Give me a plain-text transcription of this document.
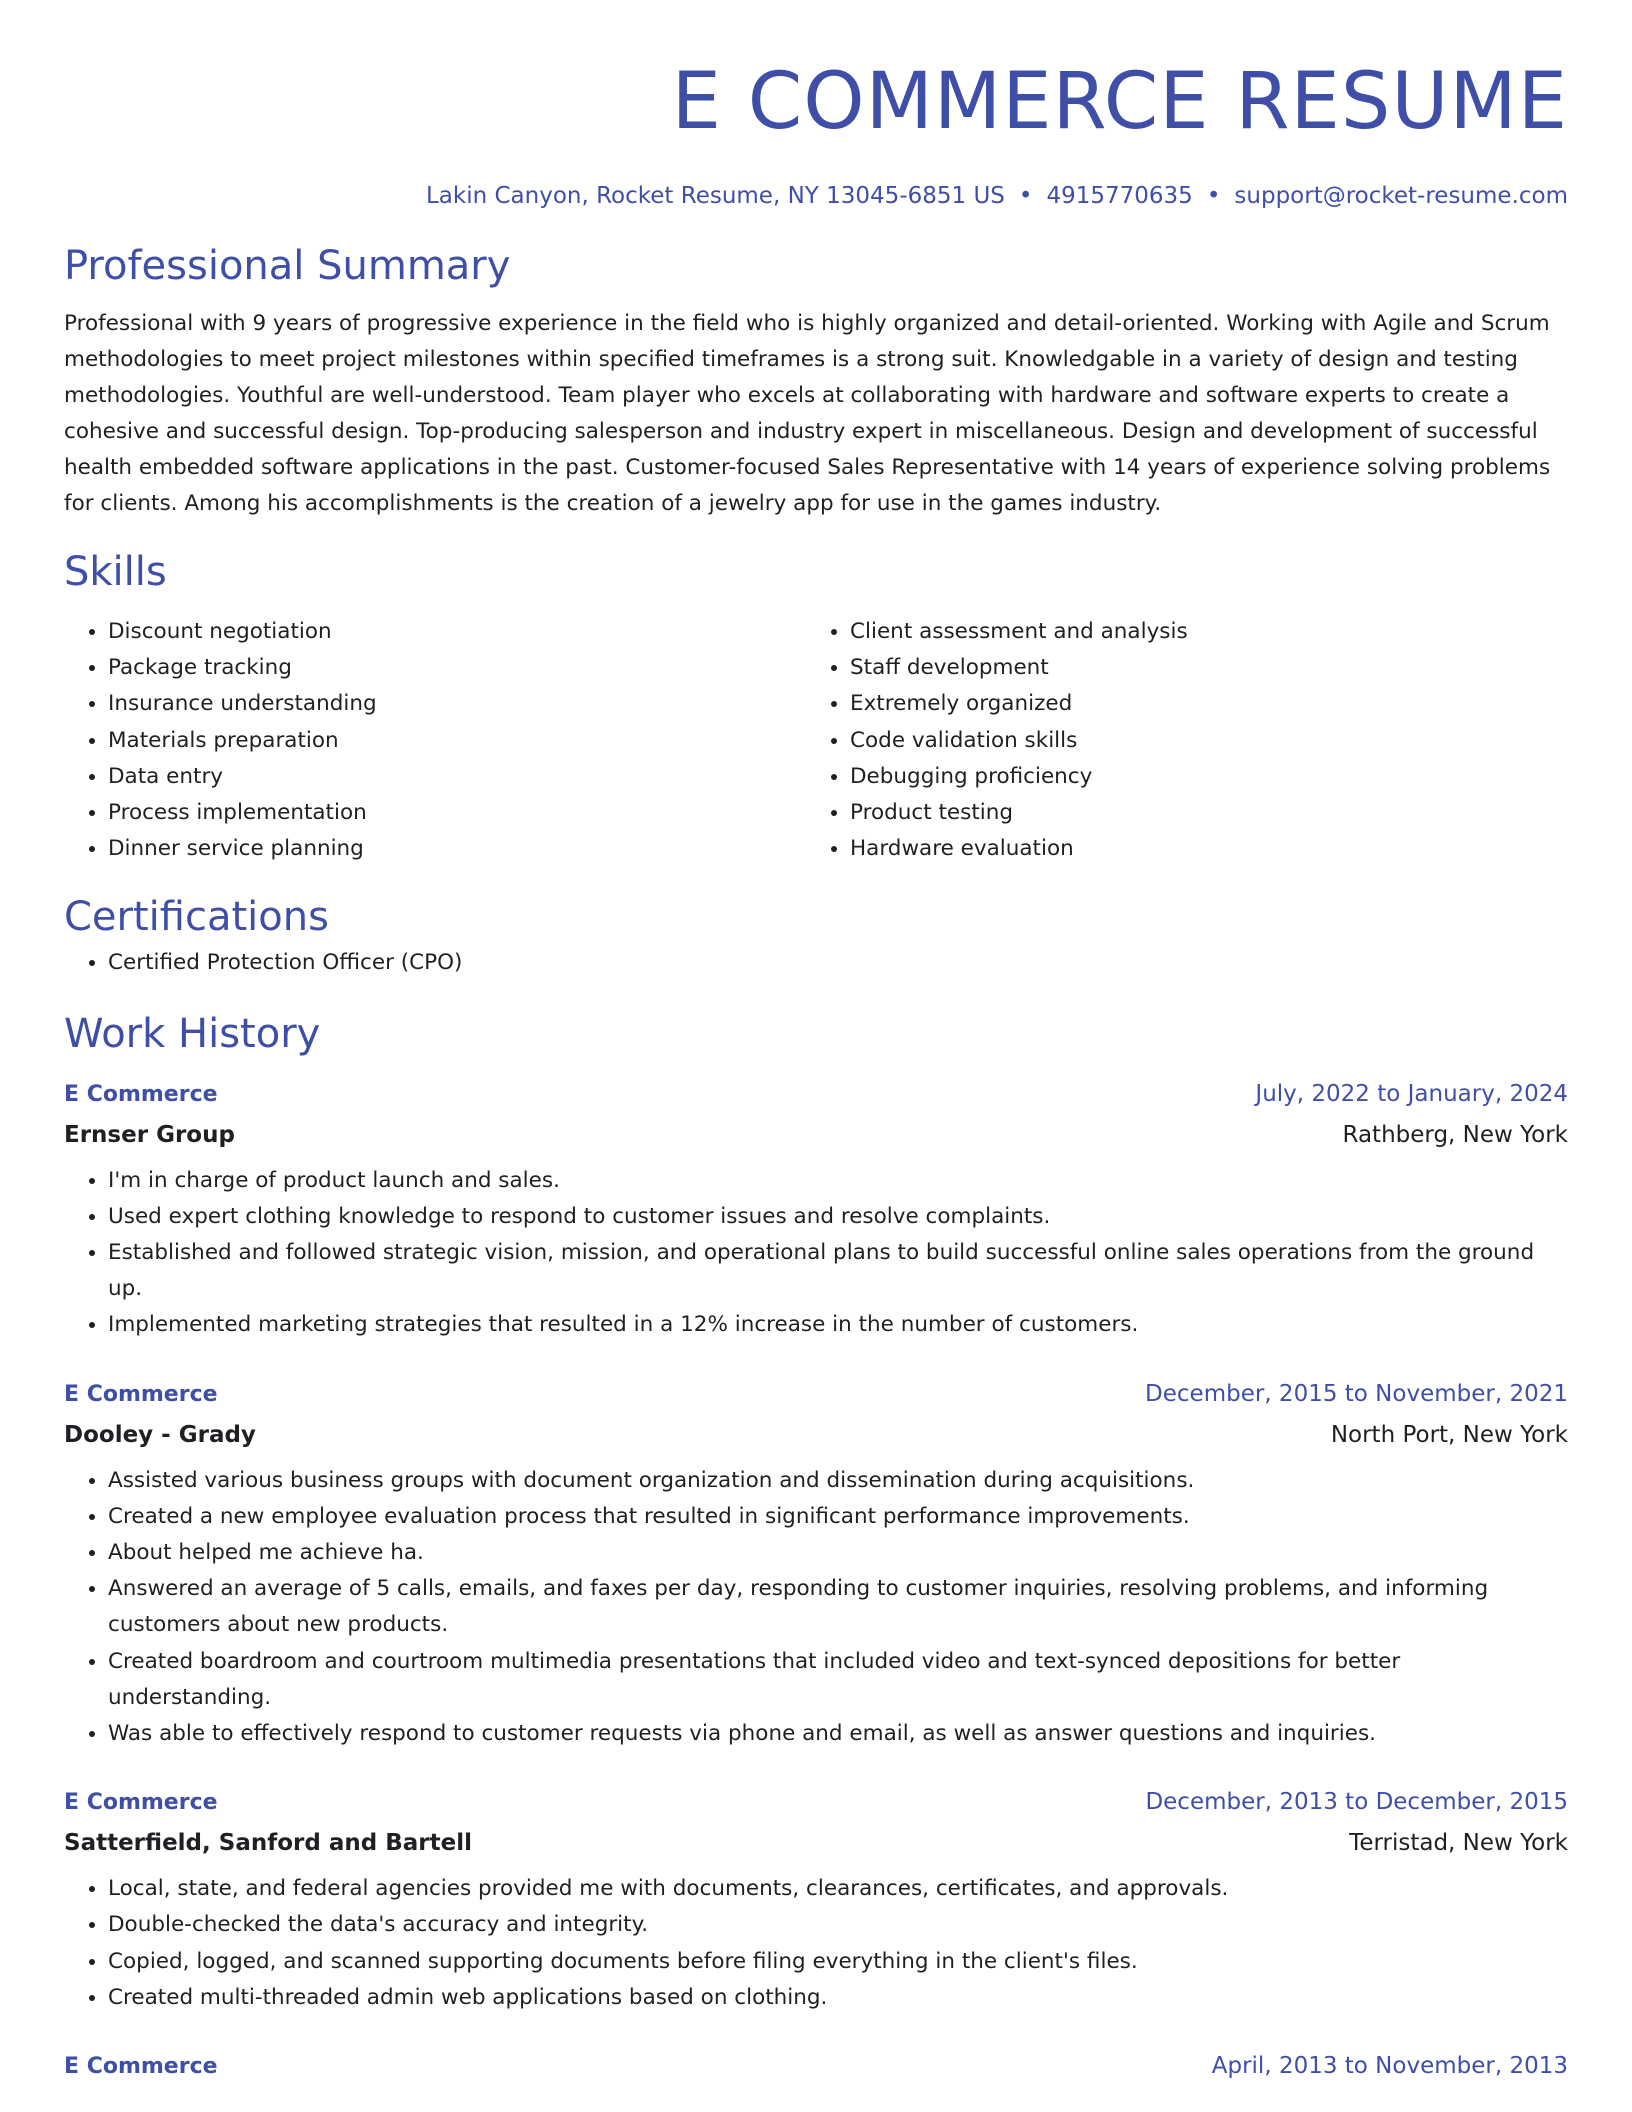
E COMMERCE RESUME
Lakin Canyon, Rocket Resume, NY 13045-6851 US • 4915770635 • support@rocket-resume.com
Professional Summary
Professional with 9 years of progressive experience in the field who is highly organized and detail-oriented. Working with Agile and Scrum methodologies to meet project milestones within specified timeframes is a strong suit. Knowledgable in a variety of design and testing methodologies. Youthful are well-understood. Team player who excels at collaborating with hardware and software experts to create a cohesive and successful design. Top-producing salesperson and industry expert in miscellaneous. Design and development of successful health embedded software applications in the past. Customer-focused Sales Representative with 14 years of experience solving problems for clients. Among his accomplishments is the creation of a jewelry app for use in the games industry.
Skills
• Discount negotiation
• Package tracking
• Insurance understanding
• Materials preparation
• Data entry
• Process implementation
• Dinner service planning
• Client assessment and analysis
• Staff development
• Extremely organized
• Code validation skills
• Debugging proficiency
• Product testing
• Hardware evaluation
Certifications
• Certified Protection Officer (CPO)
Work History
E Commerce	July, 2022 to January, 2024
Ernser Group	Rathberg, New York
• I'm in charge of product launch and sales.
• Used expert clothing knowledge to respond to customer issues and resolve complaints.
• Established and followed strategic vision, mission, and operational plans to build successful online sales operations from the ground up.
• Implemented marketing strategies that resulted in a 12% increase in the number of customers.
E Commerce	December, 2015 to November, 2021
Dooley - Grady	North Port, New York
• Assisted various business groups with document organization and dissemination during acquisitions.
• Created a new employee evaluation process that resulted in significant performance improvements.
• About helped me achieve ha.
• Answered an average of 5 calls, emails, and faxes per day, responding to customer inquiries, resolving problems, and informing customers about new products.
• Created boardroom and courtroom multimedia presentations that included video and text-synced depositions for better understanding.
• Was able to effectively respond to customer requests via phone and email, as well as answer questions and inquiries.
E Commerce	December, 2013 to December, 2015
Satterfield, Sanford and Bartell	Terristad, New York
• Local, state, and federal agencies provided me with documents, clearances, certificates, and approvals.
• Double-checked the data's accuracy and integrity.
• Copied, logged, and scanned supporting documents before filing everything in the client's files.
• Created multi-threaded admin web applications based on clothing.
E Commerce	April, 2013 to November, 2013
